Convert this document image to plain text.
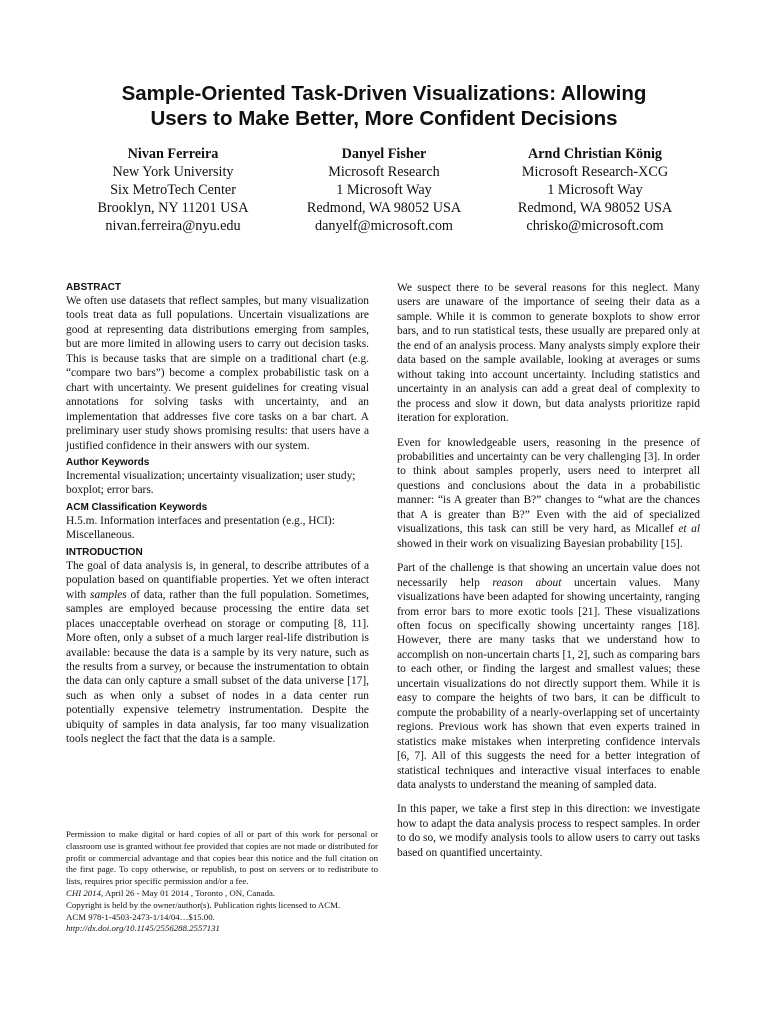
Sample-Oriented Task-Driven Visualizations: Allowing
Users to Make Better, More Confident Decisions
Nivan Ferreira
New York University
Six MetroTech Center
Brooklyn, NY 11201 USA
nivan.ferreira@nyu.edu
Danyel Fisher
Microsoft Research
1 Microsoft Way
Redmond, WA 98052 USA
danyelf@microsoft.com
Arnd Christian König
Microsoft Research-XCG
1 Microsoft Way
Redmond, WA 98052 USA
chrisko@microsoft.com
ABSTRACT

We often use datasets that reflect samples, but many visualization tools treat data as full populations. Uncertain visualizations are good at representing data distributions emerging from samples, but are more limited in allowing users to carry out decision tasks. This is because tasks that are simple on a traditional chart (e.g. “compare two bars”) become a complex probabilistic task on a chart with uncertainty. We present guidelines for creating visual annotations for solving tasks with uncertainty, and an implementation that addresses five core tasks on a bar chart. A preliminary user study shows promising results: that users have a justified confidence in their answers with our system.

Author Keywords

Incremental visualization; uncertainty visualization; user study; boxplot; error bars.

ACM Classification Keywords

H.5.m. Information interfaces and presentation (e.g., HCI): Miscellaneous.

INTRODUCTION

The goal of data analysis is, in general, to describe attributes of a population based on quantifiable properties. Yet we often interact with samples of data, rather than the full population. Sometimes, samples are employed because processing the entire data set places unacceptable overhead on storage or computing [8, 11]. More often, only a subset of a much larger real-life distribution is available: because the data is a sample by its very nature, such as the results from a survey, or because the instrumentation to obtain the data can only capture a small subset of the data universe [17], such as when only a subset of nodes in a data center run potentially expensive telemetry instrumentation. Despite the ubiquity of samples in data analysis, far too many visualization tools neglect the fact that the data is a sample.

Permission to make digital or hard copies of all or part of this work for personal or classroom use is granted without fee provided that copies are not made or distributed for profit or commercial advantage and that copies bear this notice and the full citation on the first page. To copy otherwise, or republish, to post on servers or to redistribute to lists, requires prior specific permission and/or a fee.

CHI 2014, April 26 - May 01 2014 , Toronto , ON, Canada.
Copyright is held by the owner/author(s). Publication rights licensed to ACM.
ACM 978-1-4503-2473-1/14/04…$15.00.
http://dx.doi.org/10.1145/2556288.2557131

We suspect there to be several reasons for this neglect. Many users are unaware of the importance of seeing their data as a sample. While it is common to generate boxplots to show error bars, and to run statistical tests, these usually are prepared only at the end of an analysis process. Many analysts simply explore their data based on the sample available, looking at averages or sums without taking into account uncertainty. Including statistics and uncertainty in an analysis can add a great deal of complexity to the process and slow it down, but data analysts prioritize rapid iteration for exploration.

Even for knowledgeable users, reasoning in the presence of probabilities and uncertainty can be very challenging [3]. In order to think about samples properly, users need to interpret all questions and conclusions about the data in a probabilistic manner: “is A greater than B?” changes to “what are the chances that A is greater than B?” Even with the aid of specialized visualizations, this task can still be very hard, as Micallef et al showed in their work on visualizing Bayesian probability [15].

Part of the challenge is that showing an uncertain value does not necessarily help reason about uncertain values. Many visualizations have been adapted for showing uncertainty, ranging from error bars to more exotic tools [21]. These visualizations often focus on specifically showing uncertainty ranges [18]. However, there are many tasks that we understand how to accomplish on non-uncertain charts [1, 2], such as comparing bars to each other, or finding the largest and smallest values; these uncertain visualizations do not directly support them. While it is easy to compare the heights of two bars, it can be difficult to compute the probability of a nearly-overlapping set of uncertainty regions. Previous work has shown that even experts trained in statistics make mistakes when interpreting confidence intervals [6, 7]. All of this suggests the need for a better integration of statistical techniques and interactive visual interfaces to enable data analysts to understand the meaning of sampled data.

In this paper, we take a first step in this direction: we investigate how to adapt the data analysis process to respect samples. In order to do so, we modify analysis tools to allow users to carry out tasks based on quantified uncertainty.
